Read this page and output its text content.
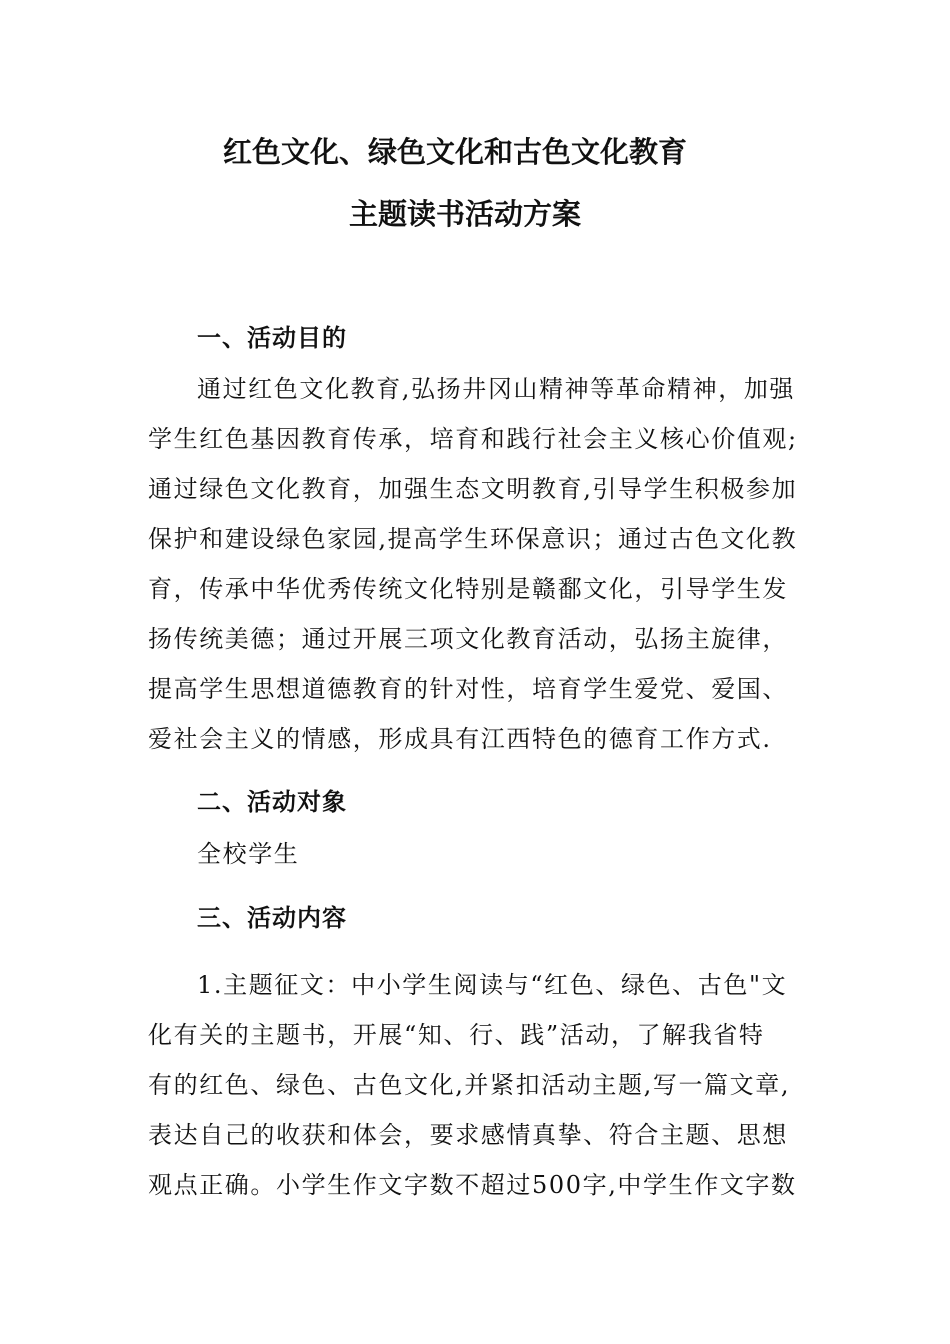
红色文化、绿色文化和古色文化教育
主题读书活动方案
一、活动目的

通过红色文化教育,弘扬井冈山精神等革命精神，加强

学生红色基因教育传承，培育和践行社会主义核心价值观;

通过绿色文化教育，加强生态文明教育,引导学生积极参加

保护和建设绿色家园,提高学生环保意识；通过古色文化教

育，传承中华优秀传统文化特别是赣鄱文化，引导学生发

扬传统美德；通过开展三项文化教育活动，弘扬主旋律，

提高学生思想道德教育的针对性，培育学生爱党、爱国、

爱社会主义的情感，形成具有江西特色的德育工作方式.

二、活动对象

全校学生

三、活动内容

1.主题征文：中小学生阅读与“红色、绿色、古色"文

化有关的主题书，开展“知、行、践”活动，了解我省特

有的红色、绿色、古色文化,并紧扣活动主题,写一篇文章,

表达自己的收获和体会，要求感情真挚、符合主题、思想

观点正确。小学生作文字数不超过500字,中学生作文字数
